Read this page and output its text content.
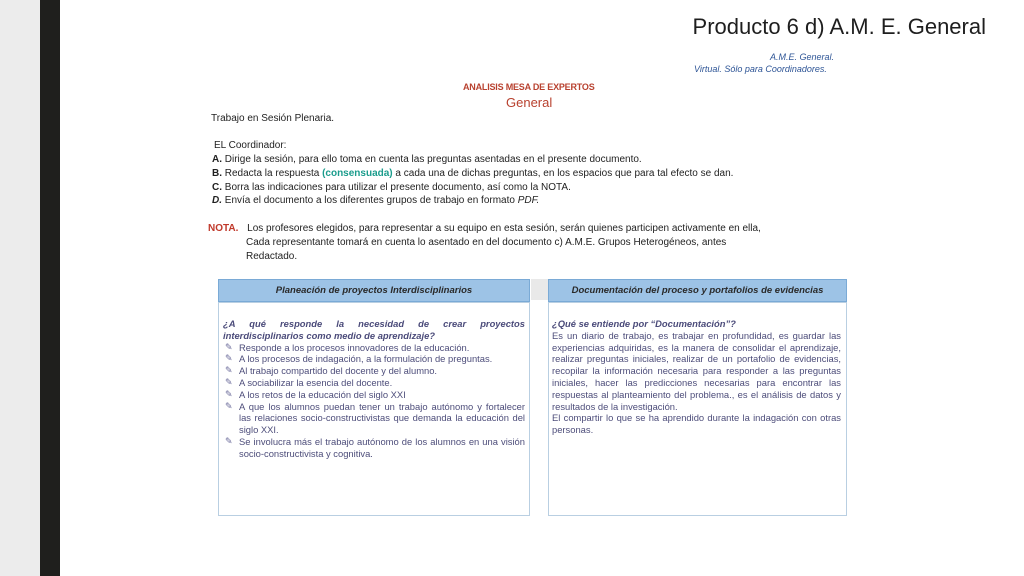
Producto 6 d) A.M. E. General
A.M.E. General.
Virtual. Sólo para Coordinadores.
ANALISIS MESA DE EXPERTOS
General
Trabajo en Sesión Plenaria.
EL Coordinador:
A. Dirige la sesión, para ello toma en cuenta las preguntas asentadas en el presente documento.
B. Redacta la respuesta (consensuada) a cada una de dichas preguntas, en los espacios que para tal efecto se dan.
C. Borra las indicaciones para utilizar el presente documento, así como la NOTA.
D. Envía el documento a los diferentes grupos de trabajo en formato PDF.
NOTA. Los profesores elegidos, para representar a su equipo en esta sesión, serán quienes participen activamente en ella,
Cada representante tomará en cuenta lo asentado en del documento c) A.M.E. Grupos Heterogéneos, antes
Redactado.
Planeación de proyectos Interdisciplinarios	Documentación del proceso y portafolios de evidencias
¿A qué responde la necesidad de crear proyectos interdisciplinarios como medio de aprendizaje?
✎ Responde a los procesos innovadores de la educación.
✎ A los procesos de indagación, a la formulación de preguntas.
✎ Al trabajo compartido del docente y del alumno.
✎ A sociabilizar la esencia del docente.
✎ A los retos de la educación del siglo XXI
✎ A que los alumnos puedan tener un trabajo autónomo y fortalecer las relaciones socio-constructivistas que demanda la educación del siglo XXI.
✎ Se involucra más el trabajo autónomo de los alumnos en una visión socio-constructivista y cognitiva.
¿Qué se entiende por “Documentación”?
Es un diario de trabajo, es trabajar en profundidad, es guardar las experiencias adquiridas, es la manera de consolidar el aprendizaje, realizar preguntas iniciales, realizar de un portafolio de evidencias, recopilar la información necesaria para responder a las preguntas iniciales, hacer las predicciones necesarias para encontrar las respuestas al planteamiento del problema., es el análisis de datos y resultados de la investigación.
El compartir lo que se ha aprendido durante la indagación con otras personas.
